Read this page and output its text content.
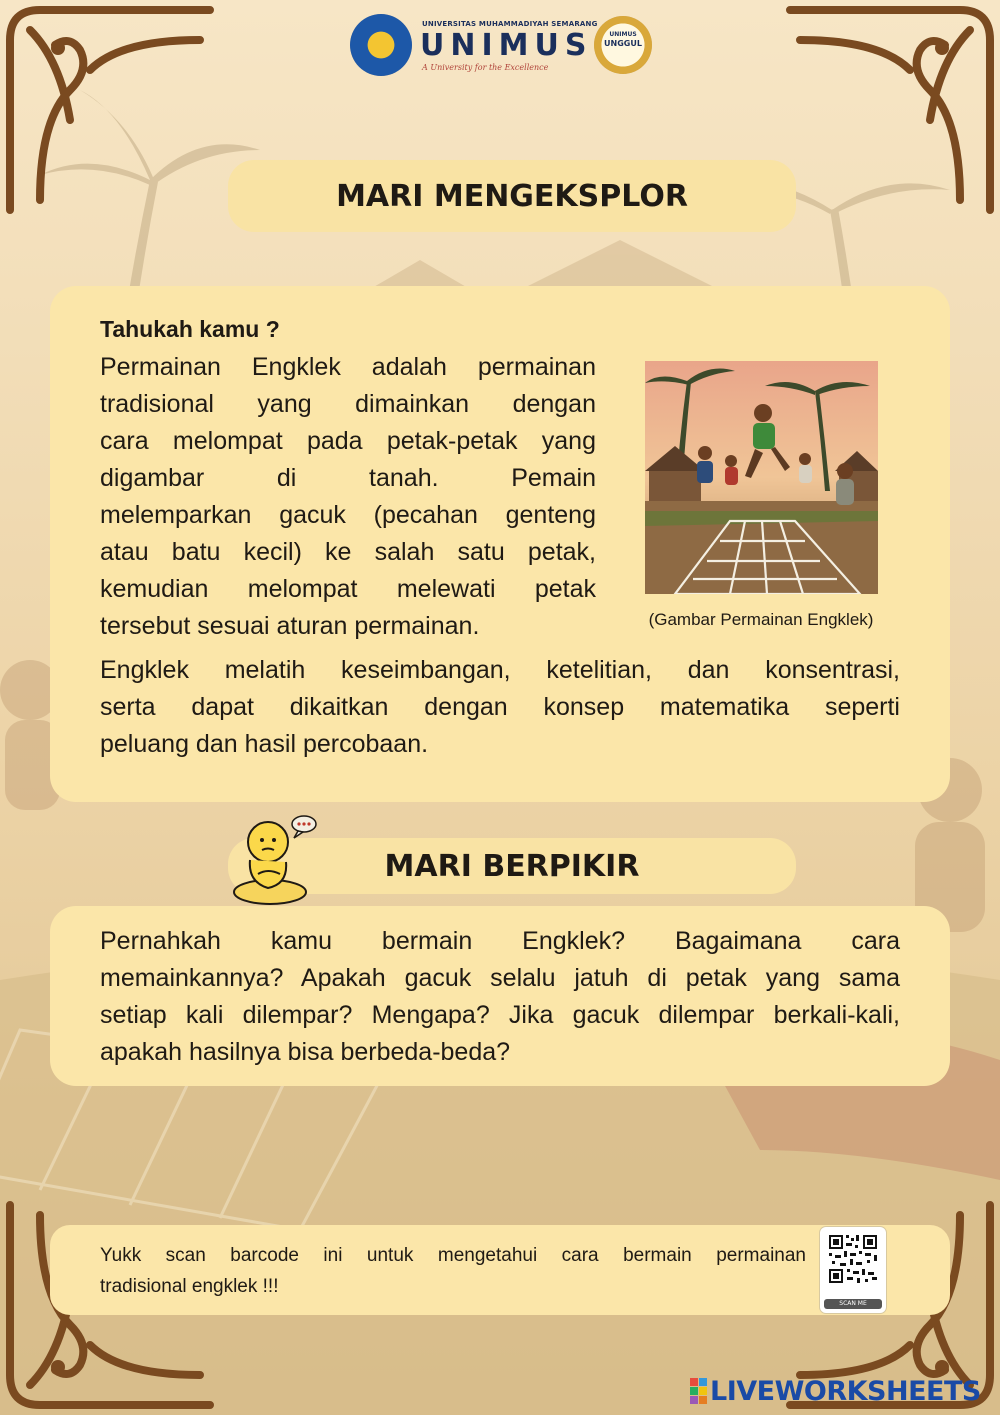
UNIVERSITAS MUHAMMADIYAH SEMARANG
UNIMUS
A University for the Excellence
UNIMUS
UNGGUL
MARI MENGEKSPLOR
Tahukah kamu ?

Permainan Engklek adalah permainan

tradisional yang dimainkan dengan

cara melompat pada petak-petak yang

digambar di tanah. Pemain

melemparkan gacuk (pecahan genteng

atau batu kecil) ke salah satu petak,

kemudian melompat melewati petak

tersebut sesuai aturan permainan.	(Gambar Permainan Engklek)

Engklek melatih keseimbangan, ketelitian, dan konsentrasi,

serta dapat dikaitkan dengan konsep matematika seperti

peluang dan hasil percobaan.

MARI BERPIKIR

Pernahkah kamu bermain Engklek? Bagaimana cara

memainkannya? Apakah gacuk selalu jatuh di petak yang sama

setiap kali dilempar? Mengapa? Jika gacuk dilempar berkali-kali,

apakah hasilnya bisa berbeda-beda?

Yukk scan barcode ini untuk mengetahui cara bermain permainan
tradisional engklek !!!
SCAN ME
LIVEWORKSHEETS
